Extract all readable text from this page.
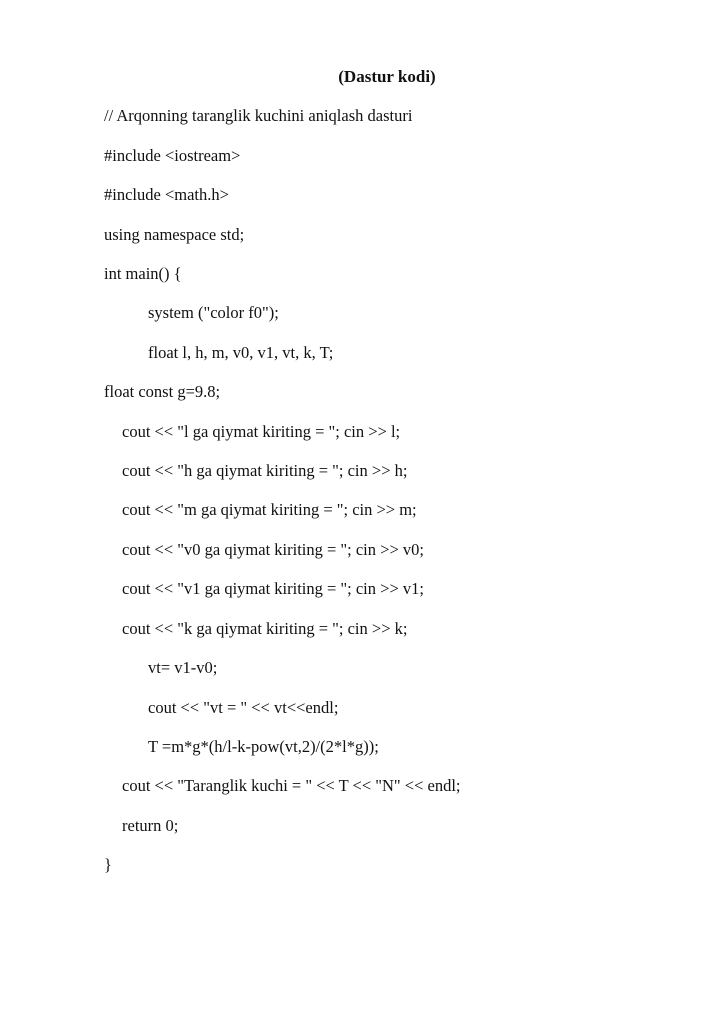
(Dastur kodi)
// Arqonning taranglik kuchini aniqlash dasturi
#include <iostream>
#include <math.h>
using namespace std;
int main() {
system ("color f0");
float l, h, m, v0, v1, vt, k, T;
float const g=9.8;
cout << "l ga qiymat kiriting = "; cin >> l;
cout << "h ga qiymat kiriting = "; cin >> h;
cout << "m ga qiymat kiriting = "; cin >> m;
cout << "v0 ga qiymat kiriting = "; cin >> v0;
cout << "v1 ga qiymat kiriting = "; cin >> v1;
cout << "k ga qiymat kiriting = "; cin >> k;
vt= v1-v0;
cout << "vt = " << vt<<endl;
T =m*g*(h/l-k-pow(vt,2)/(2*l*g));
cout << "Taranglik kuchi = " << T << "N" << endl;
return 0;
}
